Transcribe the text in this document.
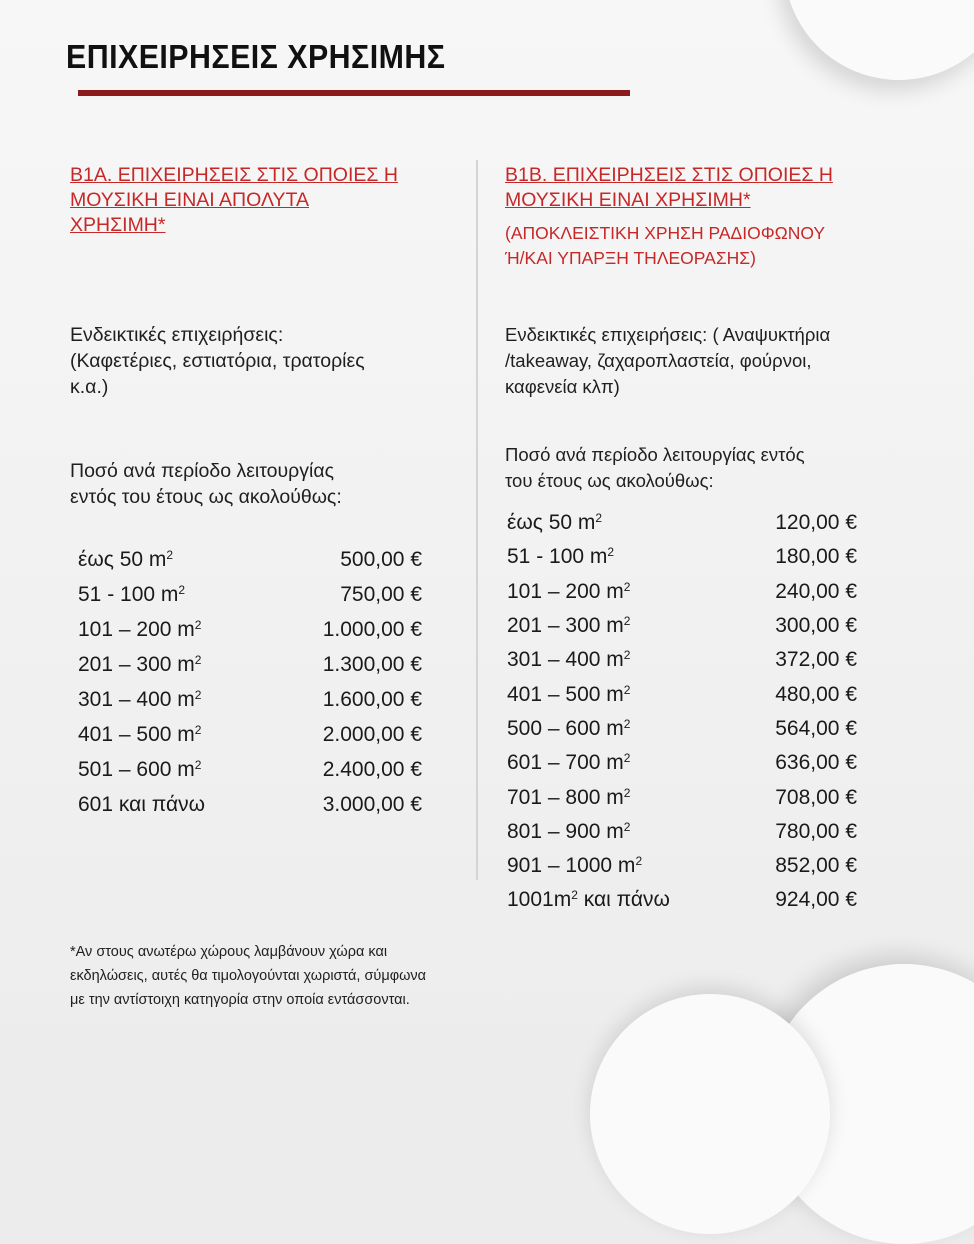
ΕΠΙΧΕΙΡΗΣΕΙΣ ΧΡΗΣΙΜΗΣ
Β1Α. ΕΠΙΧΕΙΡΗΣΕΙΣ ΣΤΙΣ ΟΠΟΙΕΣ Η
ΜΟΥΣΙΚΗ ΕΙΝΑΙ ΑΠΟΛΥΤΑ
ΧΡΗΣΙΜΗ*

Ενδεικτικές επιχειρήσεις:
(Καφετέριες, εστιατόρια, τρατορίες
κ.α.)

Ποσό ανά περίοδο λειτουργίας
εντός του έτους ως ακολούθως:

έως 50 $m^2$	500,00 €
51 - 100 $m^2$	750,00 €
101 – 200 $m^2$	1.000,00 €
201 – 300 $m^2$	1.300,00 €
301 – 400 $m^2$	1.600,00 €
401 – 500 $m^2$	2.000,00 €
501 – 600 $m^2$	2.400,00 €
601 και πάνω	3.000,00 €
Β1Β. ΕΠΙΧΕΙΡΗΣΕΙΣ ΣΤΙΣ ΟΠΟΙΕΣ Η
ΜΟΥΣΙΚΗ ΕΙΝΑΙ ΧΡΗΣΙΜΗ*
(ΑΠΟΚΛΕΙΣΤΙΚΗ ΧΡΗΣΗ ΡΑΔΙΟΦΩΝΟΥ
Ή/ΚΑΙ ΥΠΑΡΞΗ ΤΗΛΕΟΡΑΣΗΣ)

Ενδεικτικές επιχειρήσεις: ( Αναψυκτήρια
/takeaway, ζαχαροπλαστεία, φούρνοι,
καφενεία κλπ)

Ποσό ανά περίοδο λειτουργίας εντός
του έτους ως ακολούθως:

έως 50 $m^2$	120,00 €
51 - 100 $m^2$	180,00 €
101 – 200 $m^2$	240,00 €
201 – 300 $m^2$	300,00 €
301 – 400 $m^2$	372,00 €
401 – 500 $m^2$	480,00 €
500 – 600 $m^2$	564,00 €
601 – 700 $m^2$	636,00 €
701 – 800 $m^2$	708,00 €
801 – 900 $m^2$	780,00 €
901 – 1000 $m^2$	852,00 €
$1001m^2$ και πάνω	924,00 €

*Αν στους ανωτέρω χώρους λαμβάνουν χώρα και
εκδηλώσεις, αυτές θα τιμολογούνται χωριστά, σύμφωνα
με την αντίστοιχη κατηγορία στην οποία εντάσσονται.
